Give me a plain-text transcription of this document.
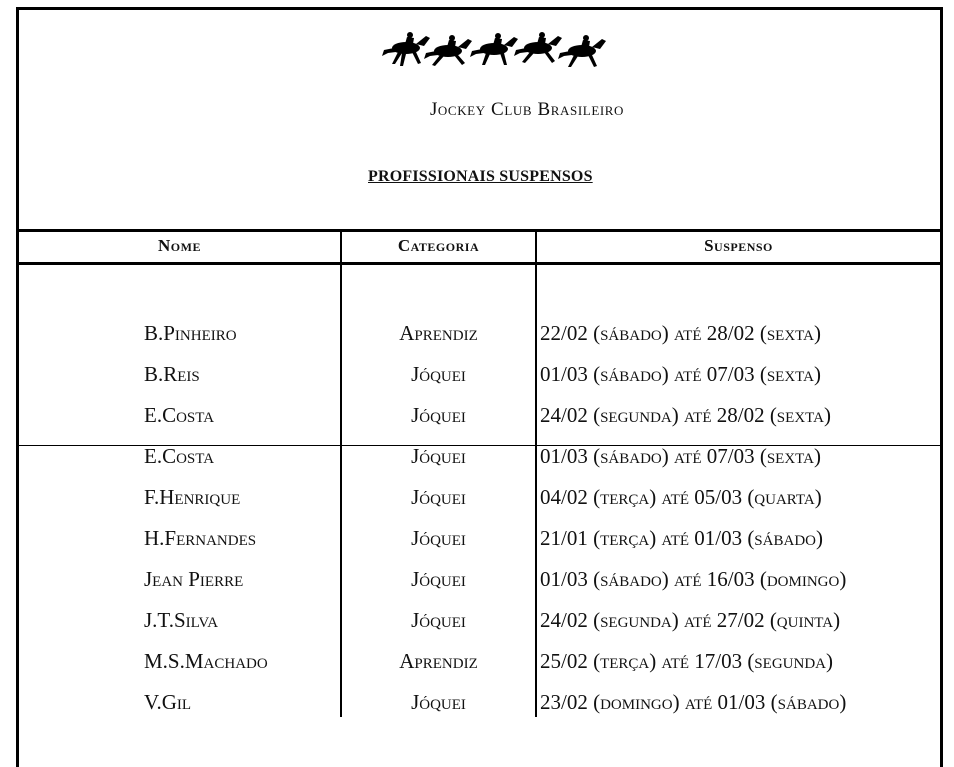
Jockey Club Brasileiro
PROFISSIONAIS SUSPENSOS
Nome	Categoria	Suspenso
B.Pinheiro	Aprendiz	22/02 (sábado) até 28/02 (sexta)
B.Reis	Jóquei	01/03 (sábado) até 07/03 (sexta)
E.Costa	Jóquei	24/02 (segunda) até 28/02 (sexta)
E.Costa	Jóquei	01/03 (sábado) até 07/03 (sexta)
F.Henrique	Jóquei	04/02 (terça) até 05/03 (quarta)
H.Fernandes	Jóquei	21/01 (terça) até 01/03 (sábado)
Jean Pierre	Jóquei	01/03 (sábado) até 16/03 (domingo)
J.T.Silva	Jóquei	24/02 (segunda) até 27/02 (quinta)
M.S.Machado	Aprendiz	25/02 (terça) até 17/03 (segunda)
V.Gil	Jóquei	23/02 (domingo) até 01/03 (sábado)
